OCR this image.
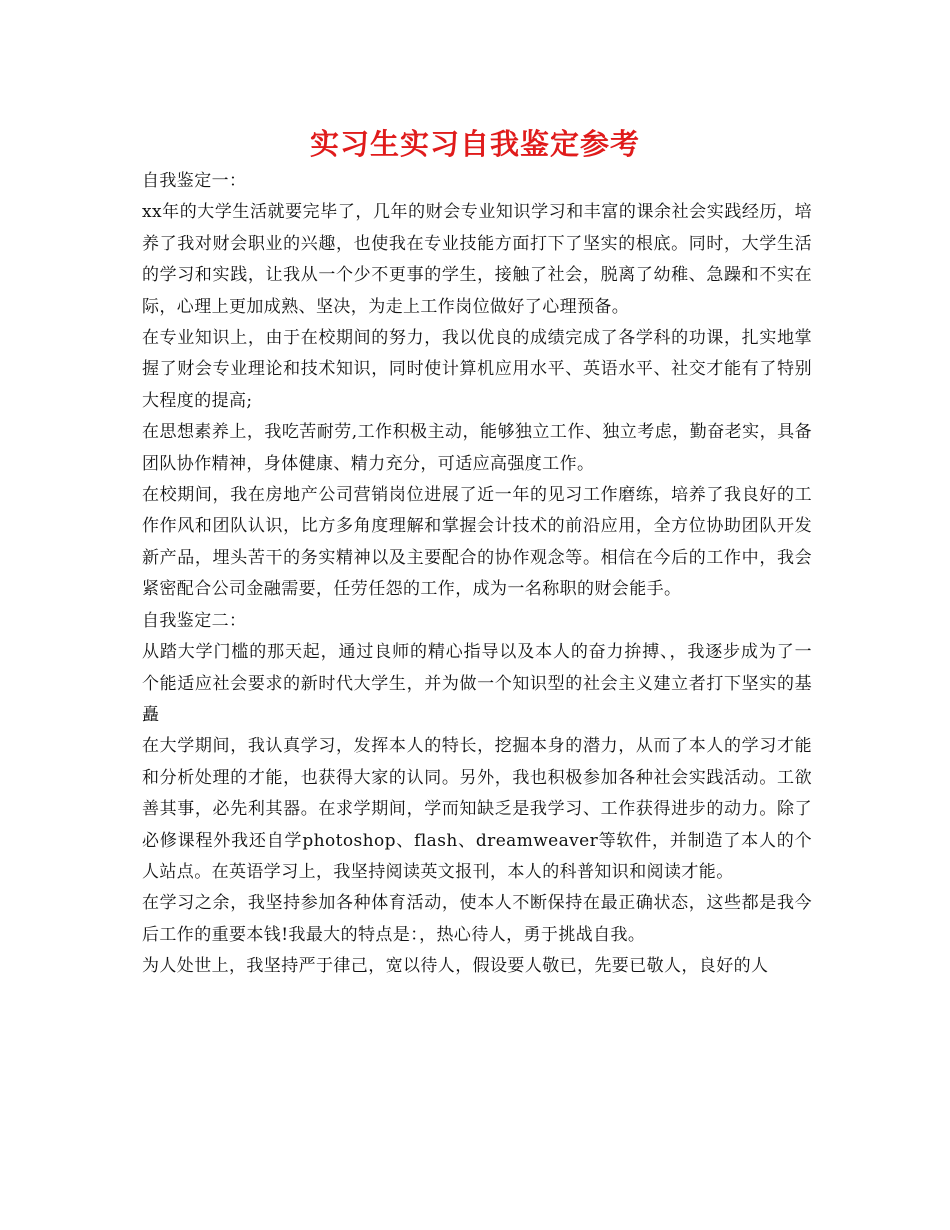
实习生实习自我鉴定参考

自我鉴定一：

xx年的大学生活就要完毕了，几年的财会专业知识学习和丰富的课余社会实践经历，培养了我对财会职业的兴趣，也使我在专业技能方面打下了坚实的根底。同时，大学生活的学习和实践，让我从一个少不更事的学生，接触了社会，脱离了幼稚、急躁和不实在际，心理上更加成熟、坚决，为走上工作岗位做好了心理预备。

在专业知识上，由于在校期间的努力，我以优良的成绩完成了各学科的功课，扎实地掌握了财会专业理论和技术知识，同时使计算机应用水平、英语水平、社交才能有了特别大程度的提高;

在思想素养上，我吃苦耐劳,工作积极主动，能够独立工作、独立考虑，勤奋老实，具备团队协作精神，身体健康、精力充分，可适应高强度工作。

在校期间，我在房地产公司营销岗位进展了近一年的见习工作磨练，培养了我良好的工作作风和团队认识，比方多角度理解和掌握会计技术的前沿应用，全方位协助团队开发新产品，埋头苦干的务实精神以及主要配合的协作观念等。相信在今后的工作中，我会紧密配合公司金融需要，任劳任怨的工作，成为一名称职的财会能手。

自我鉴定二：

从踏大学门槛的那天起，通过良师的精心指导以及本人的奋力拚搏、，我逐步成为了一个能适应社会要求的新时代大学生，并为做一个知识型的社会主义建立者打下坚实的基矗

在大学期间，我认真学习，发挥本人的特长，挖掘本身的潜力，从而了本人的学习才能和分析处理的才能，也获得大家的认同。另外，我也积极参加各种社会实践活动。工欲善其事，必先利其器。在求学期间，学而知缺乏是我学习、工作获得进步的动力。除了必修课程外我还自学photoshop、flash、dreamweaver等软件，并制造了本人的个人站点。在英语学习上，我坚持阅读英文报刊，本人的科普知识和阅读才能。

在学习之余，我坚持参加各种体育活动，使本人不断保持在最正确状态，这些都是我今后工作的重要本钱!我最大的特点是：，热心待人，勇于挑战自我。

为人处世上，我坚持严于律己，宽以待人，假设要人敬已，先要已敬人，良好的人
